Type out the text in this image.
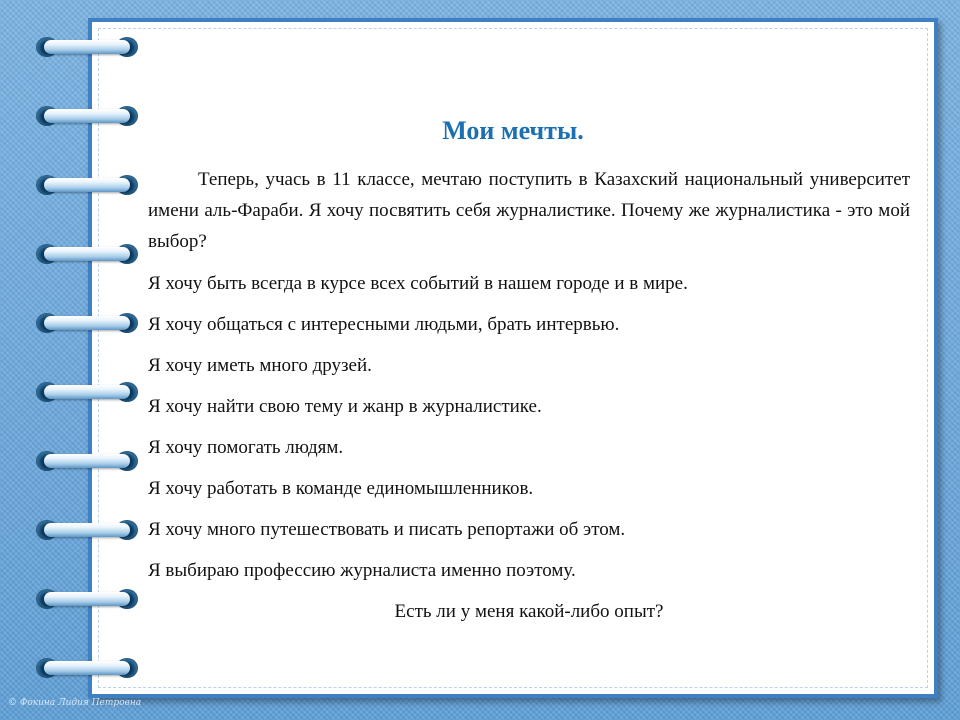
Мои мечты.

Теперь, учась в 11 классе, мечтаю поступить в Казахский национальный университет имени аль-Фараби. Я хочу посвятить себя журналистике. Почему же журналистика - это мой выбор?

Я хочу быть всегда в курсе всех событий в нашем городе и в мире.

Я хочу общаться с интересными людьми, брать интервью.

Я хочу иметь много друзей.

Я хочу найти свою тему и жанр в журналистике.

Я хочу помогать людям.

Я хочу работать в команде единомышленников.

Я хочу много путешествовать и писать репортажи об этом.

Я выбираю профессию журналиста именно поэтому.

Есть ли у меня какой-либо опыт?

© Фокина Лидия Петровна
